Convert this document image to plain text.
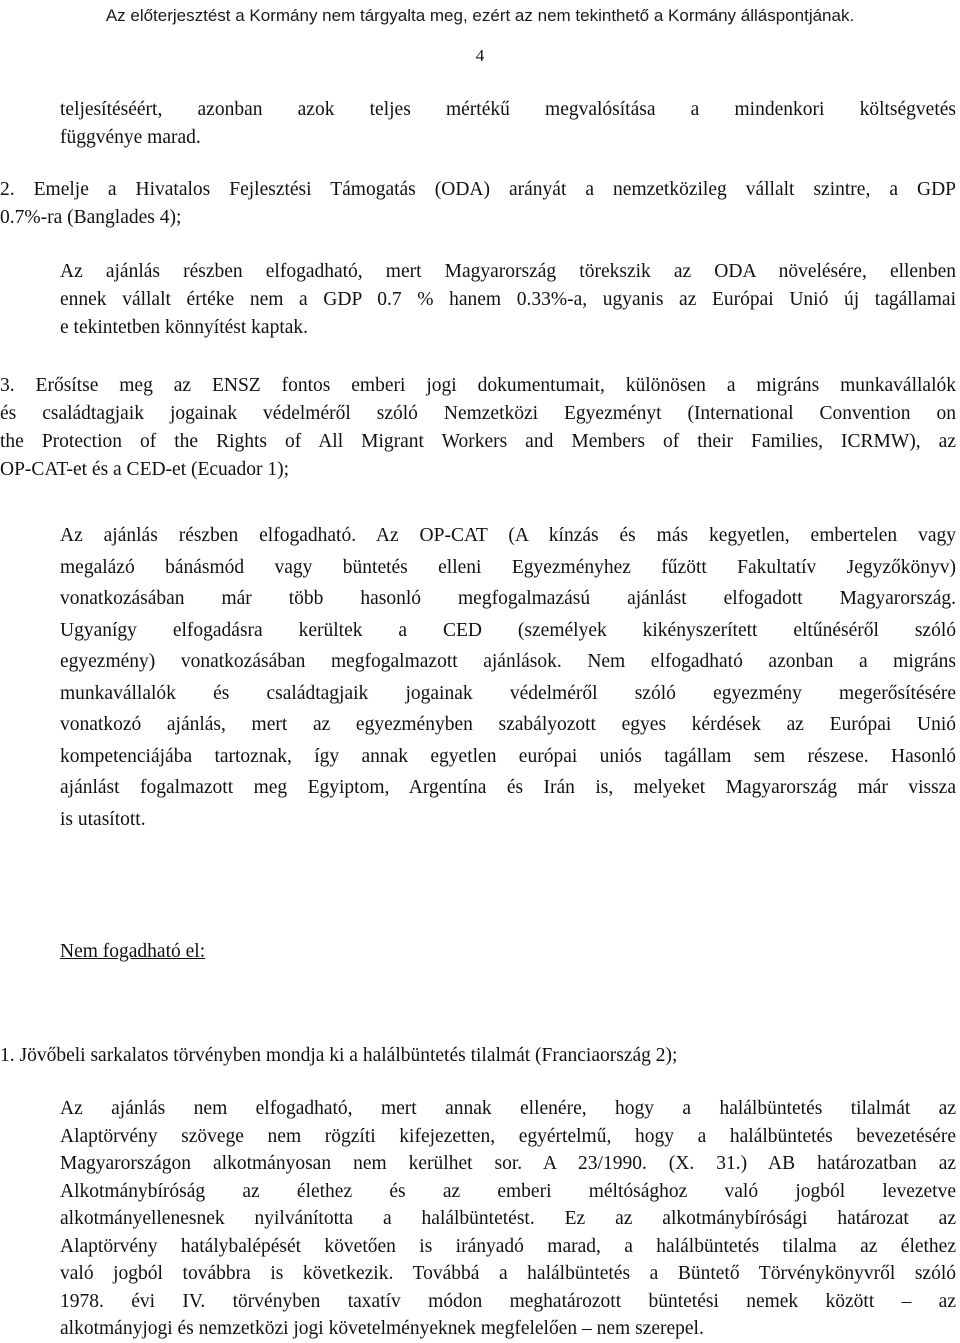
Az előterjesztést a Kormány nem tárgyalta meg, ezért az nem tekinthető a Kormány álláspontjának.
4
teljesítéséért, azonban azok teljes mértékű megvalósítása a mindenkori költségvetés
függvénye marad.
2. Emelje a Hivatalos Fejlesztési Támogatás (ODA) arányát a nemzetközileg vállalt szintre, a GDP
0.7%-ra (Banglades 4);
Az ajánlás részben elfogadható, mert Magyarország törekszik az ODA növelésére, ellenben
ennek vállalt értéke nem a GDP 0.7 % hanem 0.33%-a, ugyanis az Európai Unió új tagállamai
e tekintetben könnyítést kaptak.
3. Erősítse meg az ENSZ fontos emberi jogi dokumentumait, különösen a migráns munkavállalók
és családtagjaik jogainak védelméről szóló Nemzetközi Egyezményt (International Convention on
the Protection of the Rights of All Migrant Workers and Members of their Families, ICRMW), az
OP-CAT-et és a CED-et (Ecuador 1);
Az ajánlás részben elfogadható. Az OP-CAT (A kínzás és más kegyetlen, embertelen vagy
megalázó bánásmód vagy büntetés elleni Egyezményhez fűzött Fakultatív Jegyzőkönyv)
vonatkozásában már több hasonló megfogalmazású ajánlást elfogadott Magyarország.
Ugyanígy elfogadásra kerültek a CED (személyek kikényszerített eltűnéséről szóló
egyezmény) vonatkozásában megfogalmazott ajánlások. Nem elfogadható azonban a migráns
munkavállalók és családtagjaik jogainak védelméről szóló egyezmény megerősítésére
vonatkozó ajánlás, mert az egyezményben szabályozott egyes kérdések az Európai Unió
kompetenciájába tartoznak, így annak egyetlen európai uniós tagállam sem részese. Hasonló
ajánlást fogalmazott meg Egyiptom, Argentína és Irán is, melyeket Magyarország már vissza
is utasított.
Nem fogadható el:
1. Jövőbeli sarkalatos törvényben mondja ki a halálbüntetés tilalmát (Franciaország 2);
Az ajánlás nem elfogadható, mert annak ellenére, hogy a halálbüntetés tilalmát az
Alaptörvény szövege nem rögzíti kifejezetten, egyértelmű, hogy a halálbüntetés bevezetésére
Magyarországon alkotmányosan nem kerülhet sor. A 23/1990. (X. 31.) AB határozatban az
Alkotmánybíróság az élethez és az emberi méltósághoz való jogból levezetve
alkotmányellenesnek nyilvánította a halálbüntetést. Ez az alkotmánybírósági határozat az
Alaptörvény hatálybalépését követően is irányadó marad, a halálbüntetés tilalma az élethez
való jogból továbbra is következik. Továbbá a halálbüntetés a Büntető Törvénykönyvről szóló
1978. évi IV. törvényben taxatív módon meghatározott büntetési nemek között – az
alkotmányjogi és nemzetközi jogi követelményeknek megfelelően – nem szerepel.
